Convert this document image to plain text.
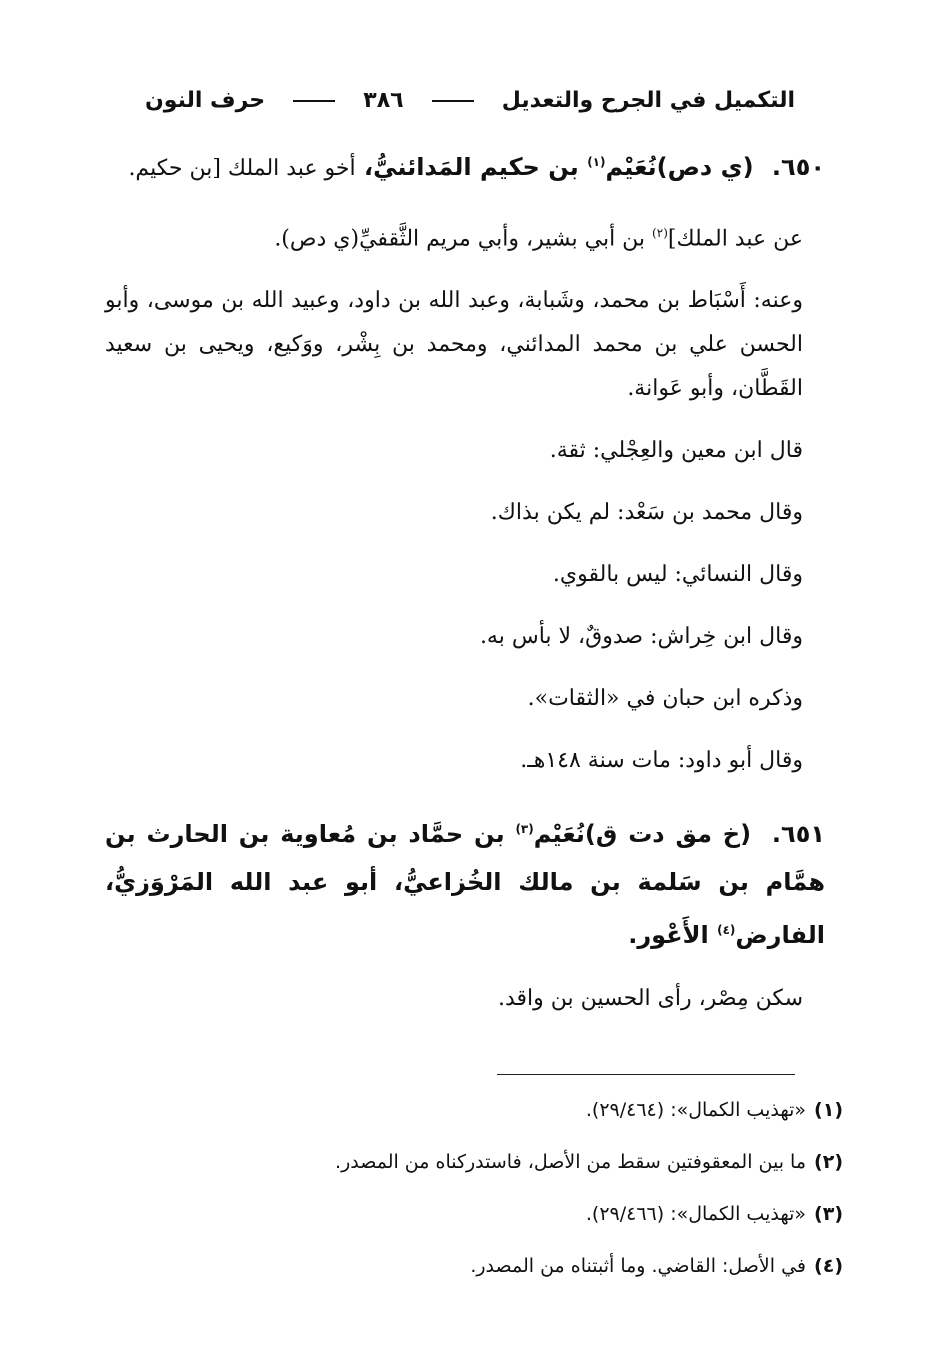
التكميل في الجرح والتعديل
٣٨٦
حرف النون

٦٥٠. (ي دص)نُعَيْم$^{(١)}$ بن حكيم المَدائنيُّ، أخو عبد الملك [بن حكيم.

عن عبد الملك]$^{(٢)}$ بن أبي بشير، وأبي مريم الثَّقفيِّ(ي دص).

وعنه: أَسْبَاط بن محمد، وشَبابة، وعبد الله بن داود، وعبيد الله بن موسى، وأبو الحسن علي بن محمد المدائني، ومحمد بن بِشْر، ووَكيع، ويحيى بن سعيد القَطَّان، وأبو عَوانة.

قال ابن معين والعِجْلي: ثقة.

وقال محمد بن سَعْد: لم يكن بذاك.

وقال النسائي: ليس بالقوي.

وقال ابن خِراش: صدوقٌ، لا بأس به.

وذكره ابن حبان في «الثقات».

وقال أبو داود: مات سنة ١٤٨هـ.

٦٥١. (خ مق دت ق)نُعَيْم$^{(٣)}$ بن حمَّاد بن مُعاوية بن الحارث بن همَّام بن سَلمة بن مالك الخُزاعيُّ، أبو عبد الله المَرْوَزيُّ، الفارض$^{(٤)}$ الأَعْور.

سكن مِصْر، رأى الحسين بن واقد.

(١)«تهذيب الكمال»: (٢٩/٤٦٤).
(٢)ما بين المعقوفتين سقط من الأصل، فاستدركناه من المصدر.
(٣)«تهذيب الكمال»: (٢٩/٤٦٦).
(٤)في الأصل: القاضي. وما أثبتناه من المصدر.
